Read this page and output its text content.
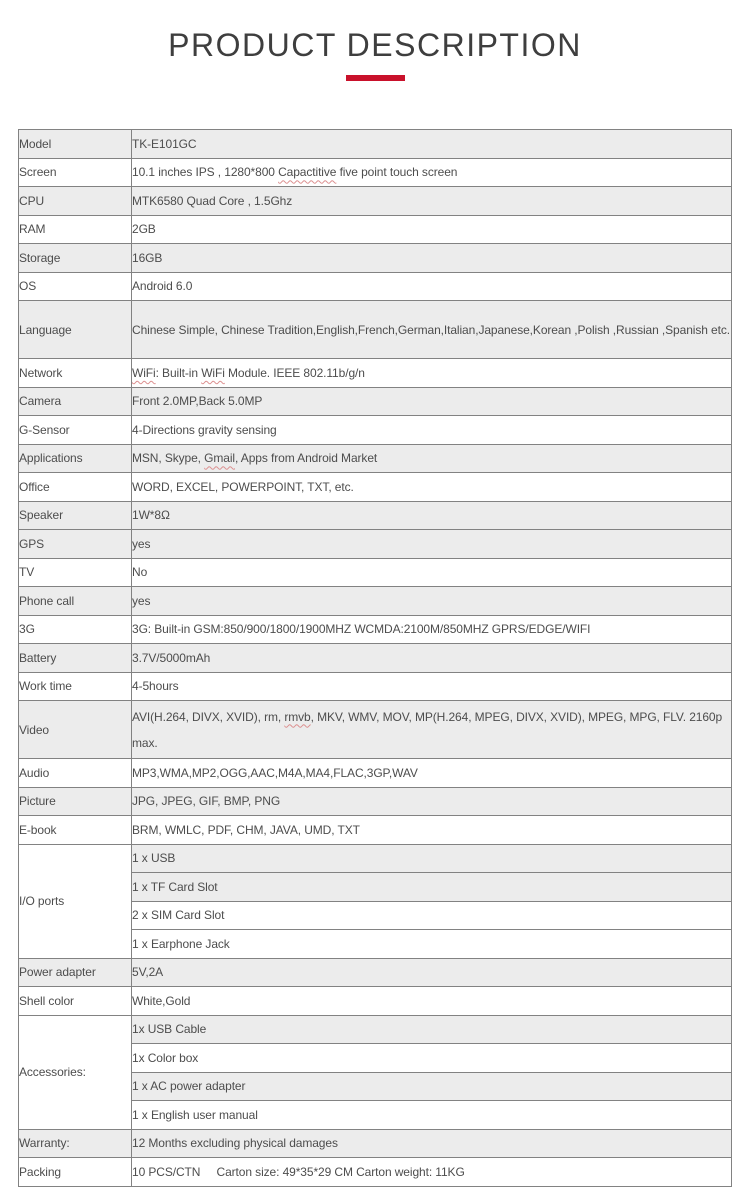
PRODUCT DESCRIPTION
Model	TK-E101GC
Screen	10.1 inches IPS , 1280*800 Capactitive five point touch screen
CPU	MTK6580 Quad Core , 1.5Ghz
RAM	2GB
Storage	16GB
OS	Android 6.0
Language	Chinese Simple, Chinese Tradition,English,French,German,Italian,Japanese,Korean ,Polish ,Russian ,Spanish etc.
Network	WiFi: Built-in WiFi Module. IEEE 802.11b/g/n
Camera	Front 2.0MP,Back 5.0MP
G-Sensor	4-Directions gravity sensing
Applications	MSN, Skype, Gmail, Apps from Android Market
Office	WORD, EXCEL, POWERPOINT, TXT, etc.
Speaker	1W*8Ω
GPS	yes
TV	No
Phone call	yes
3G	3G: Built-in GSM:850/900/1800/1900MHZ WCMDA:2100M/850MHZ GPRS/EDGE/WIFI
Battery	3.7V/5000mAh
Work time	4-5hours
Video	AVI(H.264, DIVX, XVID), rm, rmvb, MKV, WMV, MOV, MP(H.264, MPEG, DIVX, XVID), MPEG, MPG, FLV. 2160p max.
Audio	MP3,WMA,MP2,OGG,AAC,M4A,MA4,FLAC,3GP,WAV
Picture	JPG, JPEG, GIF, BMP, PNG
E-book	BRM, WMLC, PDF, CHM, JAVA, UMD, TXT
I/O ports	1 x USB
	1 x TF Card Slot
	2 x SIM Card Slot
	1 x Earphone Jack
Power adapter	5V,2A
Shell color	White,Gold
Accessories:	1x USB Cable
	1x Color box
	1 x AC power adapter
	1 x English user manual
Warranty:	12 Months excluding physical damages
Packing	10 PCS/CTN     Carton size: 49*35*29 CM Carton weight: 11KG
